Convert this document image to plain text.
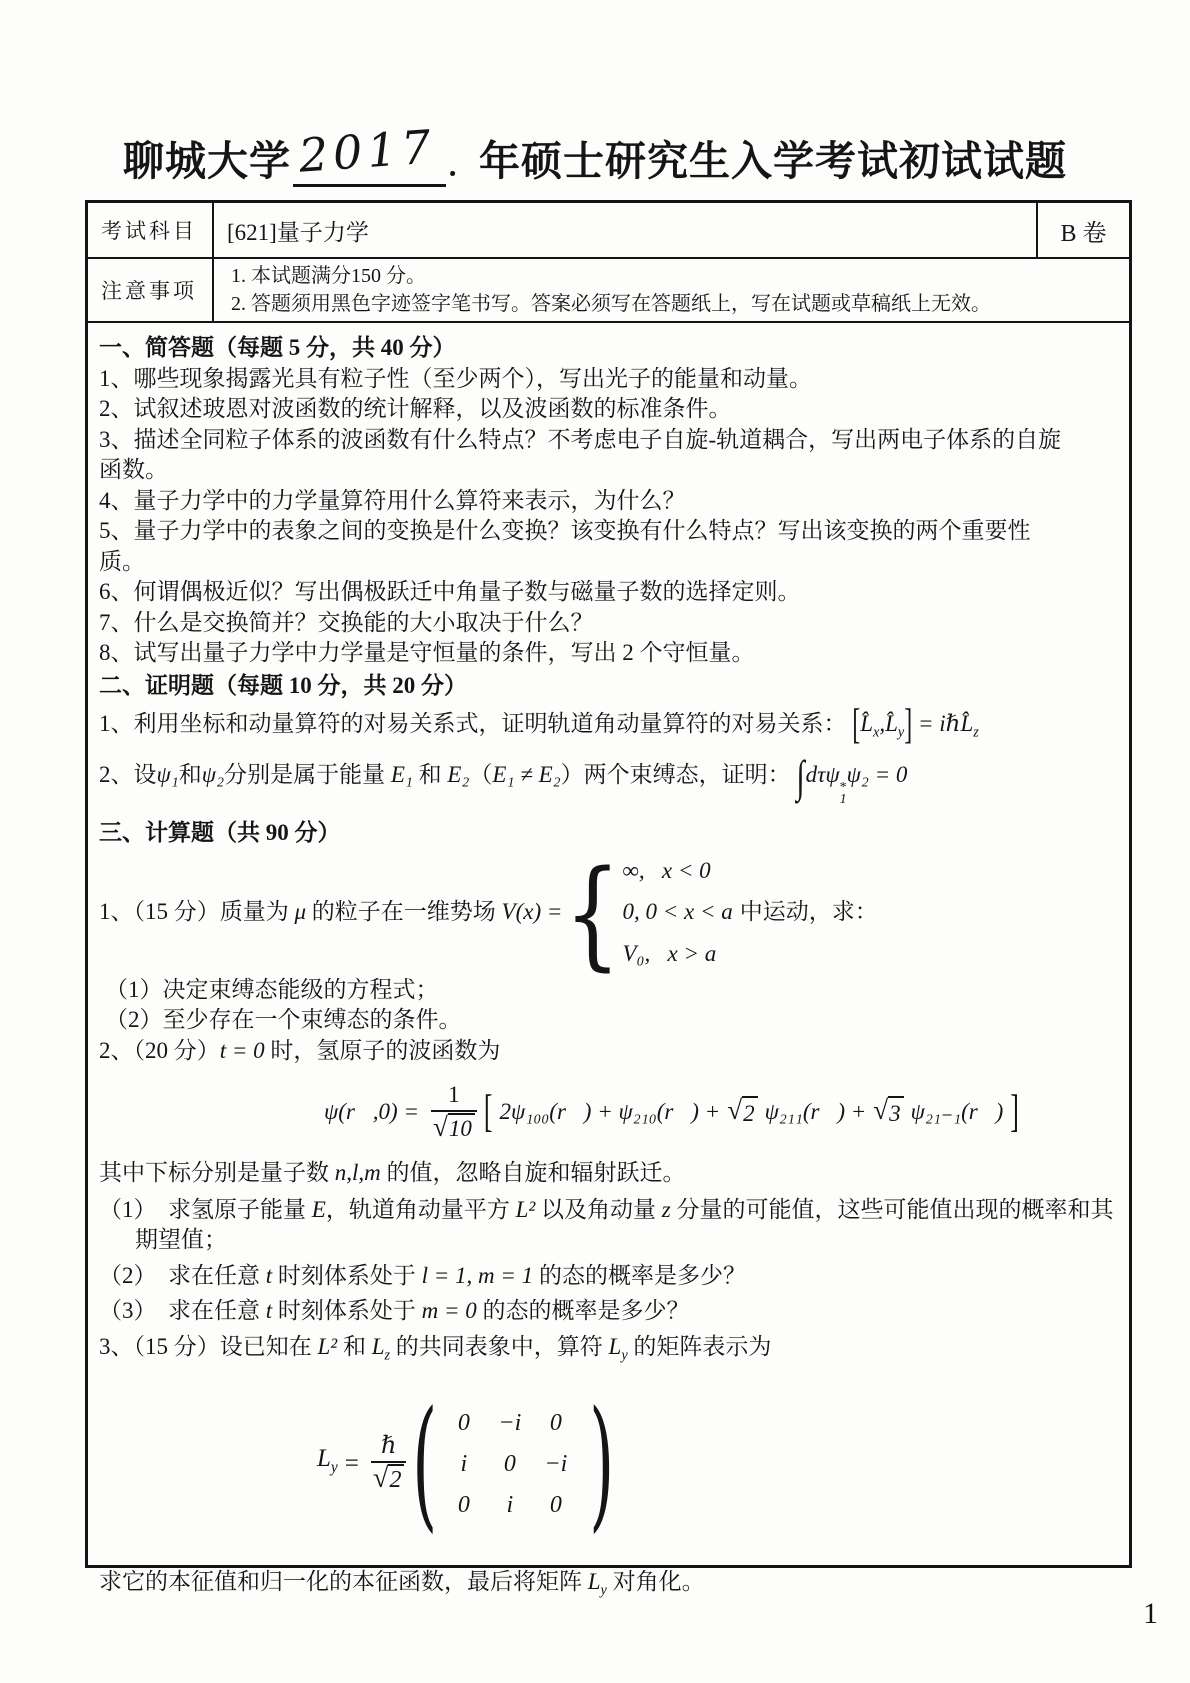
聊城大学 2017 ．年硕士研究生入学考试初试试题
考试科目	[621]量子力学	B 卷
注意事项
1. 本试题满分150 分。
2. 答题须用黑色字迹签字笔书写。答案必须写在答题纸上，写在试题或草稿纸上无效。
一、简答题（每题 5 分，共 40 分）
1、哪些现象揭露光具有粒子性（至少两个），写出光子的能量和动量。
2、试叙述玻恩对波函数的统计解释，以及波函数的标准条件。
3、描述全同粒子体系的波函数有什么特点？不考虑电子自旋-轨道耦合，写出两电子体系的自旋函数。
4、量子力学中的力学量算符用什么算符来表示，为什么？
5、量子力学中的表象之间的变换是什么变换？该变换有什么特点？写出该变换的两个重要性质。
6、何谓偶极近似？写出偶极跃迁中角量子数与磁量子数的选择定则。
7、什么是交换简并？交换能的大小取决于什么？
8、试写出量子力学中力学量是守恒量的条件，写出 2 个守恒量。
二、证明题（每题 10 分，共 20 分）
1、利用坐标和动量算符的对易关系式，证明轨道角动量算符的对易关系： $[L̂_x,L̂_y]$ = $i\hbar L̂_z$
2、设ψ₁和ψ₂分别是属于能量 E₁ 和 E₂（E₁ ≠ E₂）两个束缚态，证明： ∫dτψ
*
1
ψ₂ = 0
三、计算题（共 90 分）
1、（15 分）质量为 μ 的粒子在一维势场 V(x) = { ∞,   x < 0
0, 0 < x < a
V₀,   x > a
中运动，求：
（1）决定束缚态能级的方程式；
（2）至少存在一个束缚态的条件。
2、（20 分）t = 0 时，氢原子的波函数为
ψ(r⃗,0) = $\frac{1}{√ 10}$ [ 2ψ₁₀₀(r⃗) + ψ₂₁₀(r⃗) + √ 2 ψ₂₁₁(r⃗) + √ 3 ψ₂₁₋₁(r⃗) ]
其中下标分别是量子数 n,l,m 的值，忽略自旋和辐射跃迁。
（1）　求氢原子能量 E，轨道角动量平方 L² 以及角动量 z 分量的可能值，这些可能值出现的概率和其期望值；
（2）　求在任意 t 时刻体系处于 l = 1, m = 1 的态的概率是多少？
（3）　求在任意 t 时刻体系处于 m = 0 的态的概率是多少？
3、（15 分）设已知在 L² 和 $L_z$ 的共同表象中，算符 $L_y$ 的矩阵表示为
$L_y = \frac{\text{ℏ}}{√ 2}$ ( 0	−i	0
i	0	−i
0	i	0 )
求它的本征值和归一化的本征函数，最后将矩阵 $L_y$ 对角化。
1
